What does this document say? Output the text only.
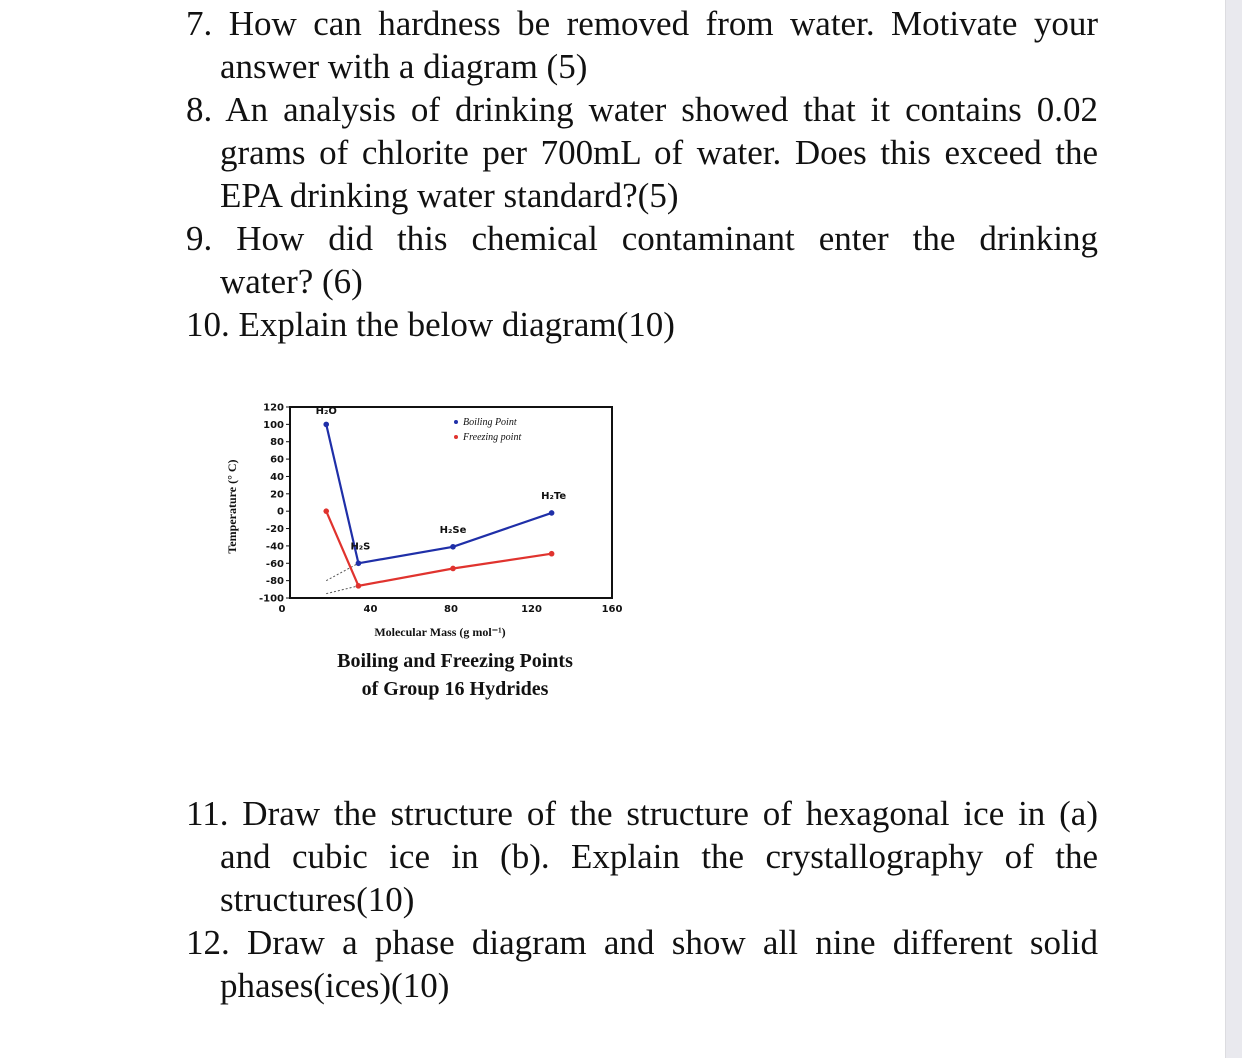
7. How can hardness be removed from water. Motivate your
answer with a diagram (5)
8. An analysis of drinking water showed that it contains 0.02
grams of chlorite per 700mL of water. Does this exceed the
EPA drinking water standard?(5)
9. How did this chemical contaminant enter the drinking
water? (6)
10. Explain the below diagram(10)
120
100
80
60
40
20
0
-20
-40
-60
-80
-100
0	40	80	120	160
Molecular Mass (g mol⁻¹)
Temperature (° C)
H₂O
H₂S
H₂Se
H₂Te
Boiling Point
Freezing point
Boiling and Freezing Points
of Group 16 Hydrides
11. Draw the structure of the structure of hexagonal ice in (a)
and cubic ice in (b). Explain the crystallography of the
structures(10)
12. Draw a phase diagram and show all nine different solid
phases(ices)(10)
